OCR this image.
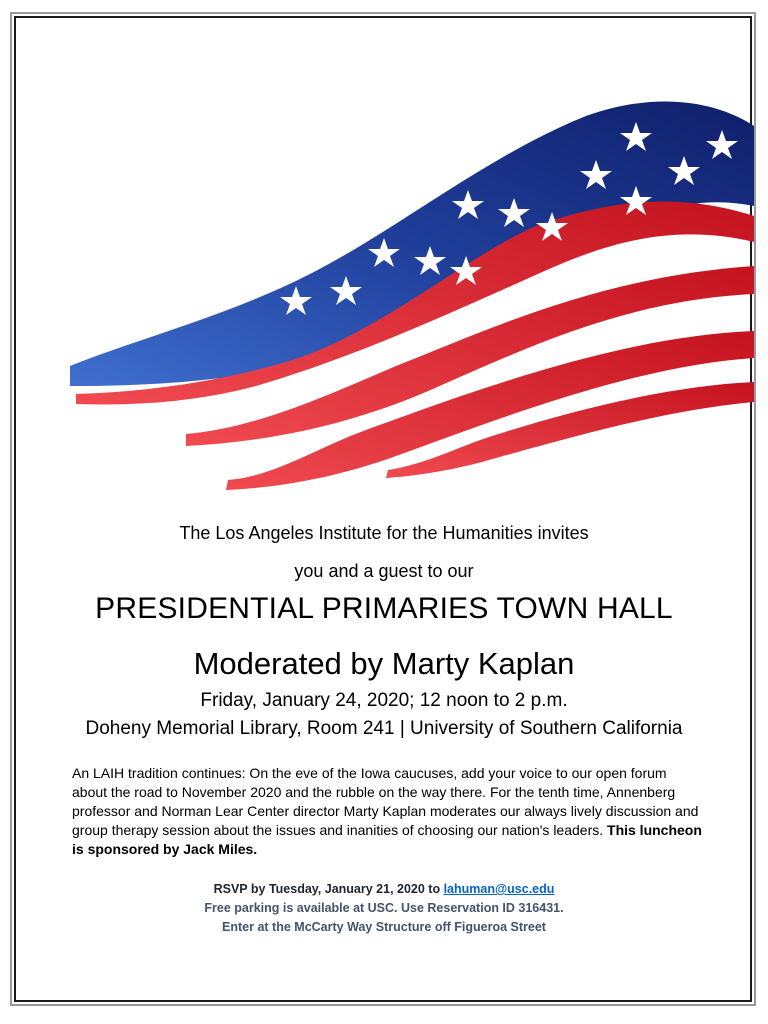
The Los Angeles Institute for the Humanities invites

you and a guest to our

PRESIDENTIAL PRIMARIES TOWN HALL

Moderated by Marty Kaplan

Friday, January 24, 2020; 12 noon to 2 p.m.

Doheny Memorial Library, Room 241 | University of Southern California

An LAIH tradition continues: On the eve of the Iowa caucuses, add your voice to our open forum about the road to November 2020 and the rubble on the way there. For the tenth time, Annenberg professor and Norman Lear Center director Marty Kaplan moderates our always lively discussion and group therapy session about the issues and inanities of choosing our nation's leaders. This luncheon is sponsored by Jack Miles.

RSVP by Tuesday, January 21, 2020 to lahuman@usc.edu

Free parking is available at USC. Use Reservation ID 316431.

Enter at the McCarty Way Structure off Figueroa Street
